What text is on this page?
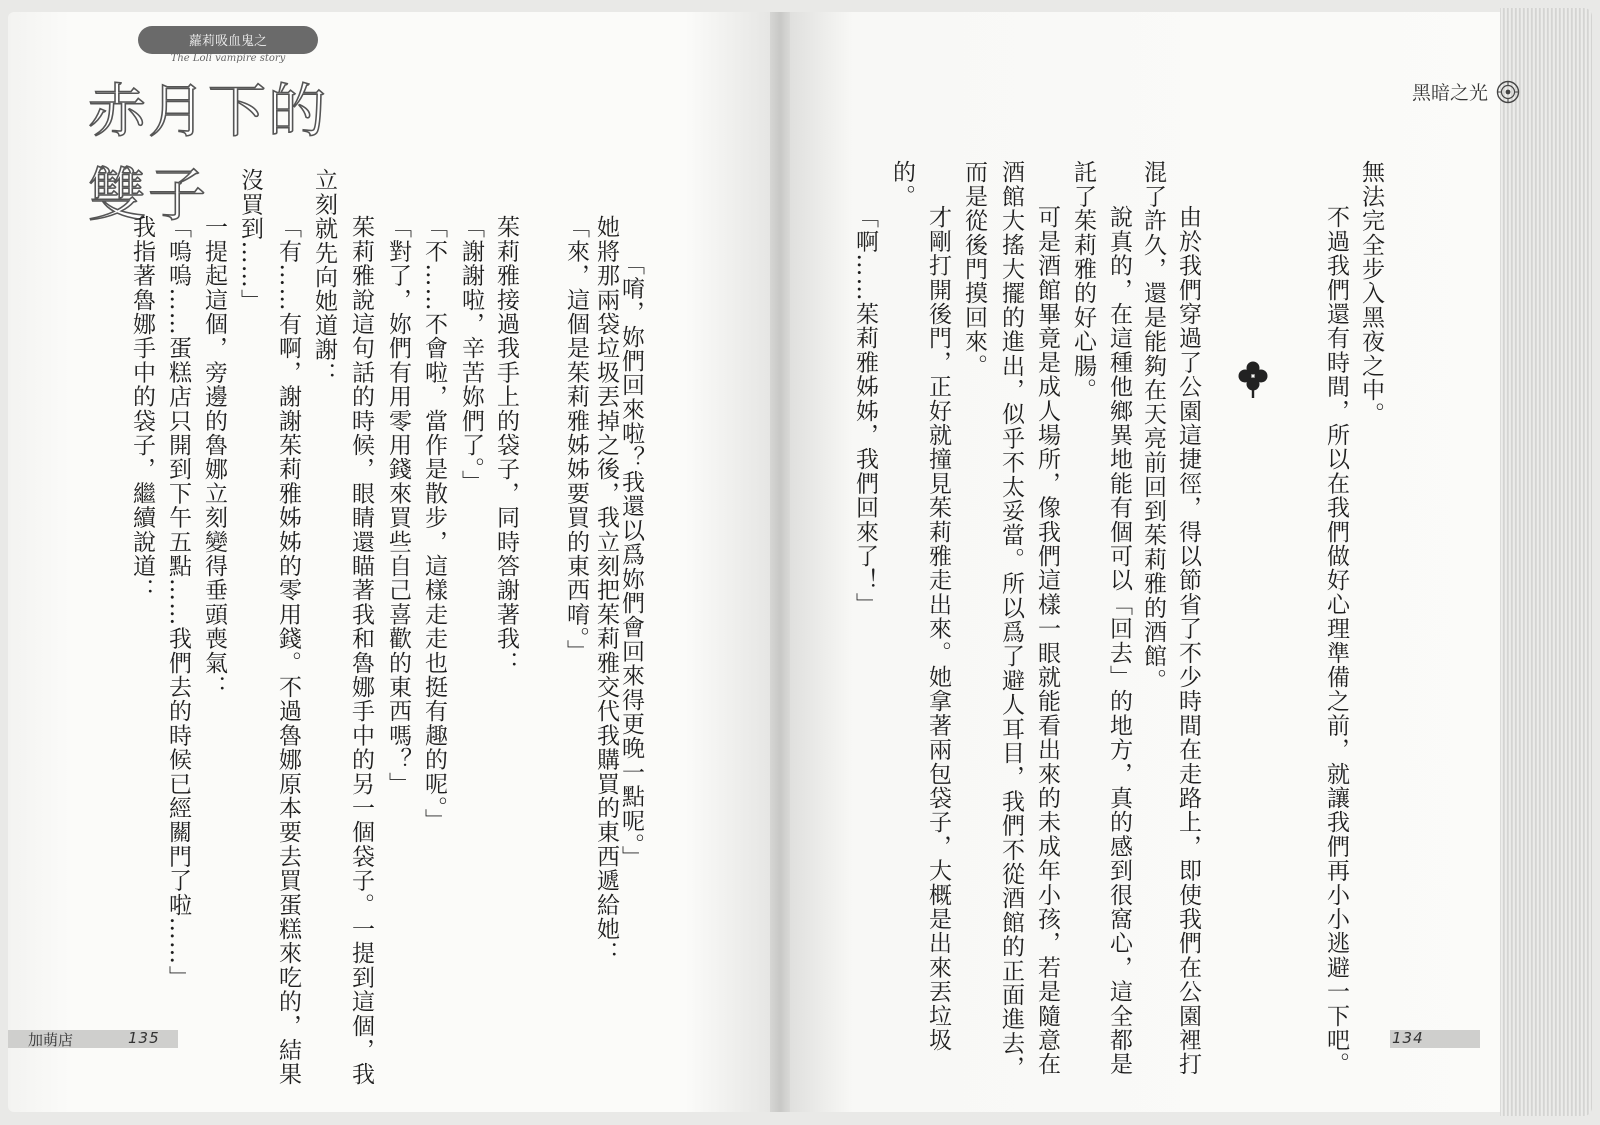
蘿莉吸血鬼之
The Loli vampire story
赤月下的雙子
「唷，妳們回來啦？我還以爲妳們會回來得更晚一點呢。」
她將那兩袋垃圾丟掉之後，我立刻把茱莉雅交代我購買的東西遞給她：
「來，這個是茱莉雅姊姊要買的東西唷。」
茱莉雅接過我手上的袋子，同時答謝著我：
「謝謝啦，辛苦妳們了。」
「不……不會啦，當作是散步，這樣走走也挺有趣的呢。」
「對了，妳們有用零用錢來買些自己喜歡的東西嗎？」
茱莉雅說這句話的時候，眼睛還瞄著我和魯娜手中的另一個袋子。一提到這個，我
立刻就先向她道謝：
「有……有啊，謝謝茱莉雅姊姊的零用錢。不過魯娜原本要去買蛋糕來吃的，結果
沒買到……」
一提起這個，旁邊的魯娜立刻變得垂頭喪氣：
「嗚嗚……蛋糕店只開到下午五點……我們去的時候已經關門了啦……」
我指著魯娜手中的袋子，繼續說道：
加萌店	135
黑暗之光
無法完全步入黑夜之中。
不過我們還有時間，所以在我們做好心理準備之前，就讓我們再小小逃避一下吧。
由於我們穿過了公園這捷徑，得以節省了不少時間在走路上，即使我們在公園裡打
混了許久，還是能夠在天亮前回到茱莉雅的酒館。
說真的，在這種他鄉異地能有個可以「回去」的地方，真的感到很窩心，這全都是
託了茱莉雅的好心腸。
可是酒館畢竟是成人場所，像我們這樣一眼就能看出來的未成年小孩，若是隨意在
酒館大搖大擺的進出，似乎不太妥當。所以爲了避人耳目，我們不從酒館的正面進去，
而是從後門摸回來。
才剛打開後門，正好就撞見茱莉雅走出來。她拿著兩包袋子，大概是出來丟垃圾
的。
「啊……茱莉雅姊姊，我們回來了！」
134
